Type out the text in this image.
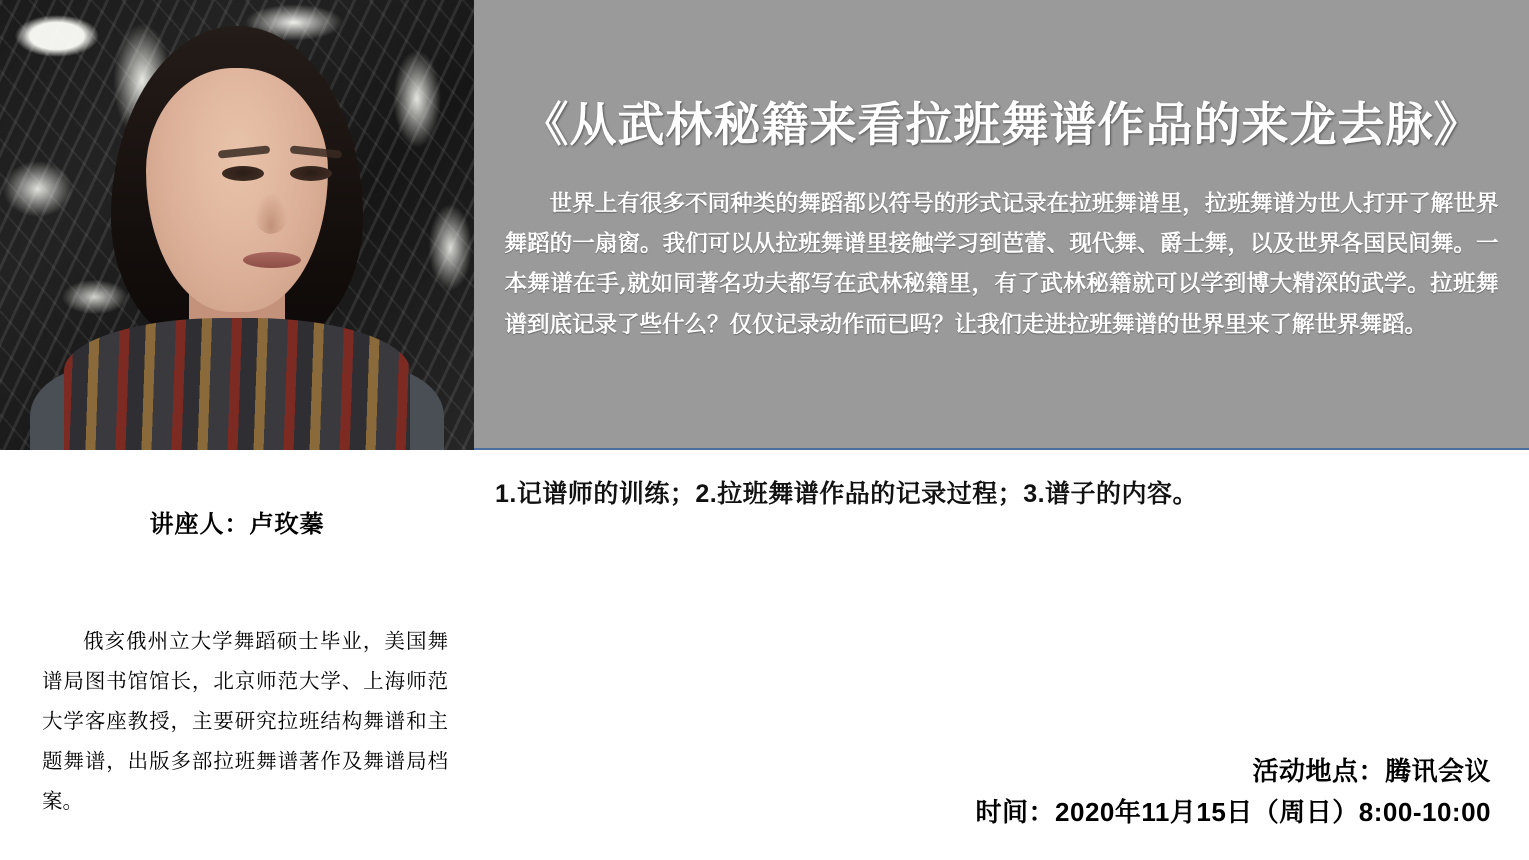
《从武林秘籍来看拉班舞谱作品的来龙去脉》

世界上有很多不同种类的舞蹈都以符号的形式记录在拉班舞谱里，拉班舞谱为世人打开了解世界舞蹈的一扇窗。我们可以从拉班舞谱里接触学习到芭蕾、现代舞、爵士舞，以及世界各国民间舞。一本舞谱在手,就如同著名功夫都写在武林秘籍里，有了武林秘籍就可以学到博大精深的武学。拉班舞谱到底记录了些什么？仅仅记录动作而已吗？让我们走进拉班舞谱的世界里来了解世界舞蹈。

1.记谱师的训练；2.拉班舞谱作品的记录过程；3.谱子的内容。
讲座人：卢玫蓁
俄亥俄州立大学舞蹈硕士毕业，美国舞谱局图书馆馆长，北京师范大学、上海师范大学客座教授，主要研究拉班结构舞谱和主题舞谱，出版多部拉班舞谱著作及舞谱局档案。
活动地点：腾讯会议
时间：2020年11月15日（周日）8:00-10:00
